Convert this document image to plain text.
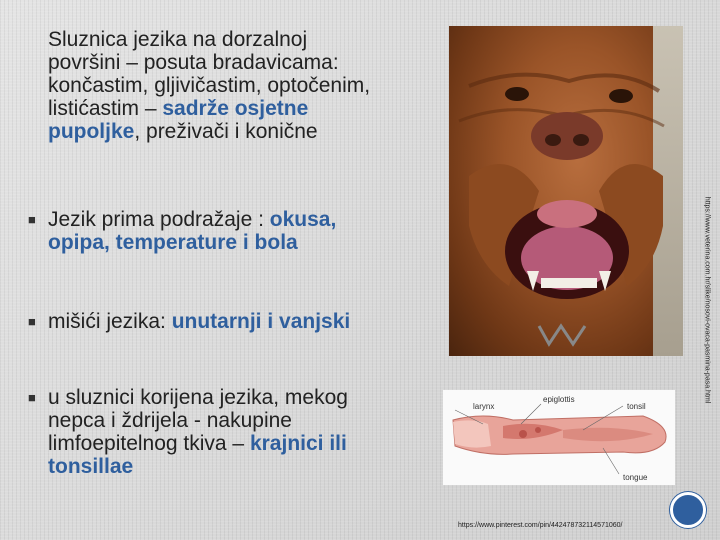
Sluznica jezika na dorzalnoj
površini – posuta bradavicama:
končastim, gljivičastim, optočenim,
listićastim – sadrže osjetne
pupoljke, preživači i konične
■ Jezik prima podražaje : okusa,
opipa, temperature i bola
■ mišići jezika: unutarnji i vanjski
■ u sluznici korijena jezika, mekog
nepca i ždrijela - nakupine
limfoepitelnog tkiva – krajnici ili
tonsillae
larynx
epiglottis
tonsil
tongue
https://www.veterina.com.hr/slike/nosovi-ovaca-pasmina-pasa.html
https://www.pinterest.com/pin/442478732114571060/
